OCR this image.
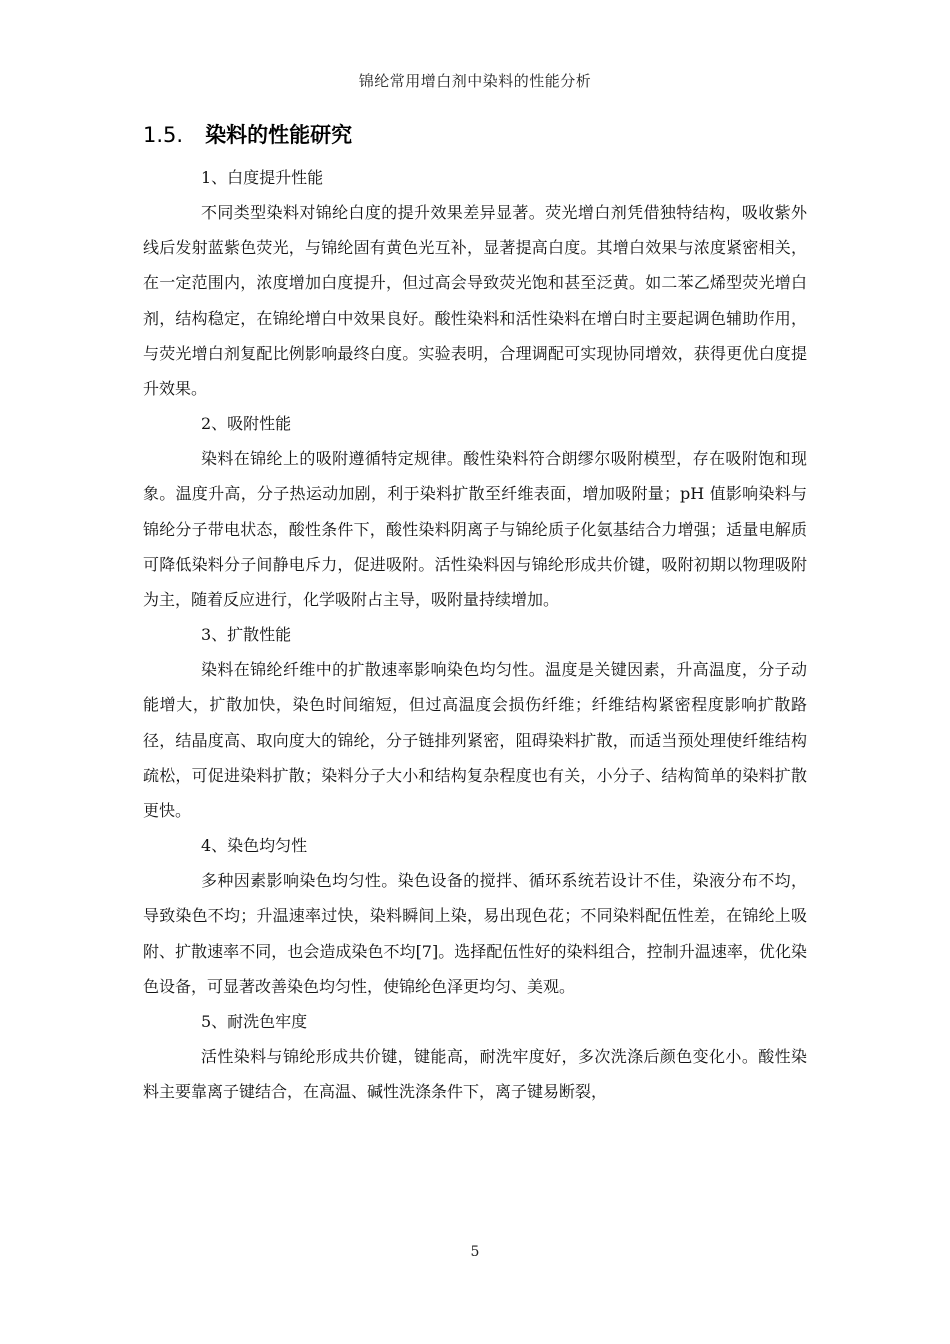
锦纶常用增白剂中染料的性能分析
1.5. 染料的性能研究

1、白度提升性能

不同类型染料对锦纶白度的提升效果差异显著。荧光增白剂凭借独特结构，吸收紫外线后发射蓝紫色荧光，与锦纶固有黄色光互补，显著提高白度。其增白效果与浓度紧密相关，在一定范围内，浓度增加白度提升，但过高会导致荧光饱和甚至泛黄。如二苯乙烯型荧光增白剂，结构稳定，在锦纶增白中效果良好。酸性染料和活性染料在增白时主要起调色辅助作用，与荧光增白剂复配比例影响最终白度。实验表明，合理调配可实现协同增效，获得更优白度提升效果。

2、吸附性能

染料在锦纶上的吸附遵循特定规律。酸性染料符合朗缪尔吸附模型，存在吸附饱和现象。温度升高，分子热运动加剧，利于染料扩散至纤维表面，增加吸附量；pH 值影响染料与锦纶分子带电状态，酸性条件下，酸性染料阴离子与锦纶质子化氨基结合力增强；适量电解质可降低染料分子间静电斥力，促进吸附。活性染料因与锦纶形成共价键，吸附初期以物理吸附为主，随着反应进行，化学吸附占主导，吸附量持续增加。

3、扩散性能

染料在锦纶纤维中的扩散速率影响染色均匀性。温度是关键因素，升高温度，分子动能增大，扩散加快，染色时间缩短，但过高温度会损伤纤维；纤维结构紧密程度影响扩散路径，结晶度高、取向度大的锦纶，分子链排列紧密，阻碍染料扩散，而适当预处理使纤维结构疏松，可促进染料扩散；染料分子大小和结构复杂程度也有关，小分子、结构简单的染料扩散更快。

4、染色均匀性

多种因素影响染色均匀性。染色设备的搅拌、循环系统若设计不佳，染液分布不均，导致染色不均；升温速率过快，染料瞬间上染，易出现色花；不同染料配伍性差，在锦纶上吸附、扩散速率不同，也会造成染色不均[7]。选择配伍性好的染料组合，控制升温速率，优化染色设备，可显著改善染色均匀性，使锦纶色泽更均匀、美观。

5、耐洗色牢度

活性染料与锦纶形成共价键，键能高，耐洗牢度好，多次洗涤后颜色变化小。酸性染料主要靠离子键结合，在高温、碱性洗涤条件下，离子键易断裂，

5
